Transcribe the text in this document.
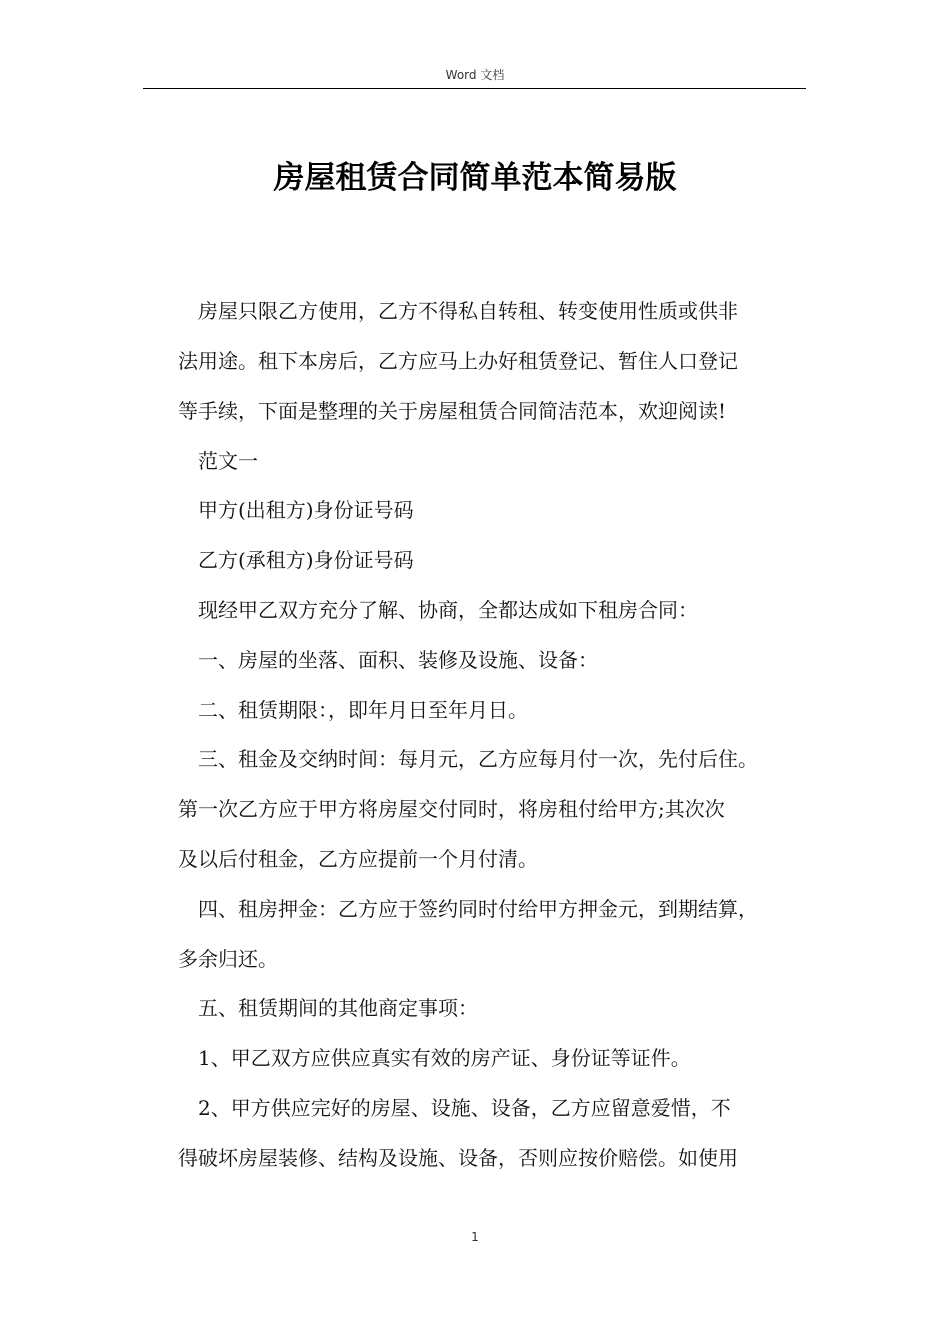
Word 文档
房屋租赁合同简单范本简易版
房屋只限乙方使用，乙方不得私自转租、转变使用性质或供非
法用途。租下本房后，乙方应马上办好租赁登记、暂住人口登记
等手续，下面是整理的关于房屋租赁合同简洁范本，欢迎阅读!
范文一
甲方(出租方)身份证号码
乙方(承租方)身份证号码
现经甲乙双方充分了解、协商，全都达成如下租房合同：
一、房屋的坐落、面积、装修及设施、设备：
二、租赁期限：，即年月日至年月日。
三、租金及交纳时间：每月元，乙方应每月付一次，先付后住。
第一次乙方应于甲方将房屋交付同时，将房租付给甲方;其次次
及以后付租金，乙方应提前一个月付清。
四、租房押金：乙方应于签约同时付给甲方押金元，到期结算，
多余归还。
五、租赁期间的其他商定事项：
1、甲乙双方应供应真实有效的房产证、身份证等证件。
2、甲方供应完好的房屋、设施、设备，乙方应留意爱惜，不
得破坏房屋装修、结构及设施、设备，否则应按价赔偿。如使用
1
